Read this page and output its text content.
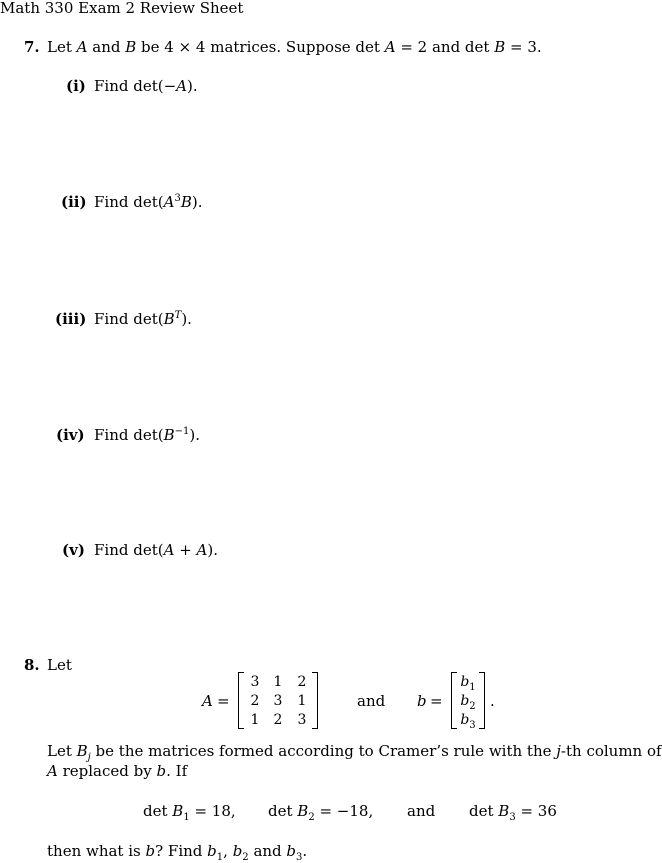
Math 330 Exam 2 Review Sheet
7. Let A and B be 4 × 4 matrices. Suppose det A = 2 and det B = 3.
(i) Find det(−A).
(ii) Find $\det(A^3B)$.
(iii) Find $\det(B^T)$.
(iv) Find $\det(B^{-1})$.
(v) Find det(A + A).
8. Let
A =
3	1	2
2	3	1
1	2	3
and b =
$b_1$
$b_2$
$b_3$
.
Let $B_j$ be the matrices formed according to Cramer’s rule with the j-th column of
A replaced by b. If
$\det B_1 = 18$, $\det B_2 = -18$, and $\det B_3 = 36$
then what is b? Find $b_1$, $b_2$ and $b_3$.
